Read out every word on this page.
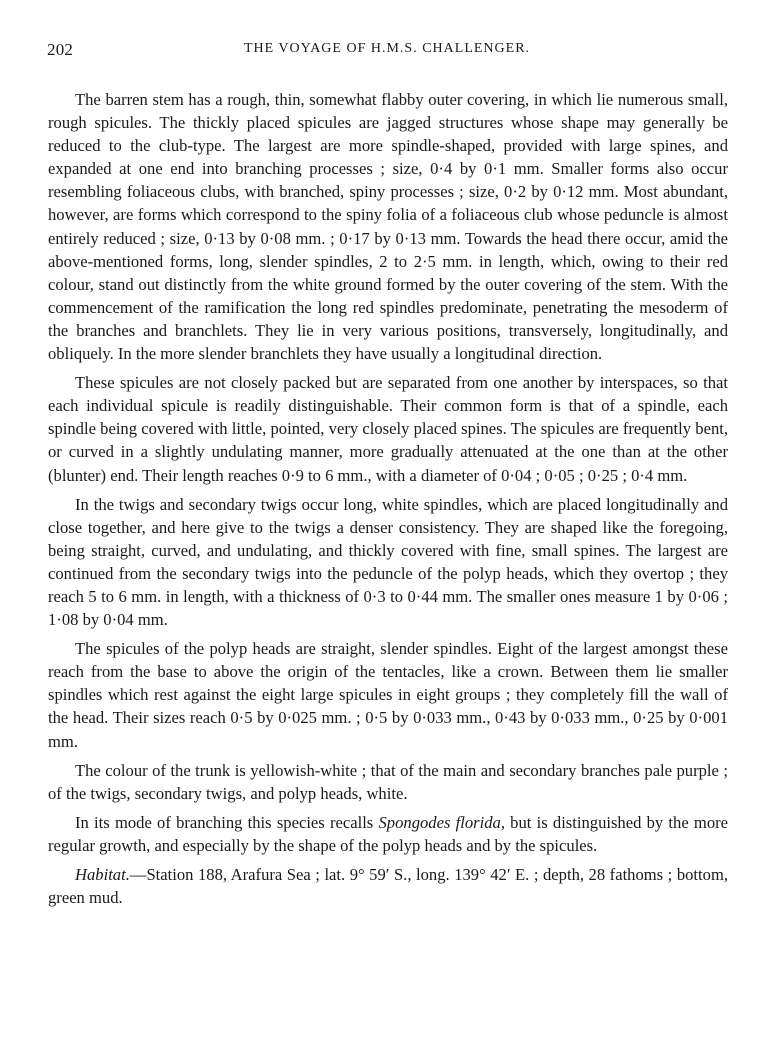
202	THE VOYAGE OF H.M.S. CHALLENGER.

The barren stem has a rough, thin, somewhat flabby outer covering, in which lie numerous small, rough spicules. The thickly placed spicules are jagged structures whose shape may generally be reduced to the club-type. The largest are more spindle-shaped, provided with large spines, and expanded at one end into branching processes ; size, 0·4 by 0·1 mm. Smaller forms also occur resembling foliaceous clubs, with branched, spiny processes ; size, 0·2 by 0·12 mm. Most abundant, however, are forms which correspond to the spiny folia of a foliaceous club whose peduncle is almost entirely reduced ; size, 0·13 by 0·08 mm. ; 0·17 by 0·13 mm. Towards the head there occur, amid the above-mentioned forms, long, slender spindles, 2 to 2·5 mm. in length, which, owing to their red colour, stand out distinctly from the white ground formed by the outer covering of the stem. With the commencement of the ramification the long red spindles predominate, penetrating the mesoderm of the branches and branchlets. They lie in very various positions, transversely, longitudinally, and obliquely. In the more slender branchlets they have usually a longitudinal direction.

These spicules are not closely packed but are separated from one another by interspaces, so that each individual spicule is readily distinguishable. Their common form is that of a spindle, each spindle being covered with little, pointed, very closely placed spines. The spicules are frequently bent, or curved in a slightly undulating manner, more gradually attenuated at the one than at the other (blunter) end. Their length reaches 0·9 to 6 mm., with a diameter of 0·04 ; 0·05 ; 0·25 ; 0·4 mm.

In the twigs and secondary twigs occur long, white spindles, which are placed longitudinally and close together, and here give to the twigs a denser consistency. They are shaped like the foregoing, being straight, curved, and undulating, and thickly covered with fine, small spines. The largest are continued from the secondary twigs into the peduncle of the polyp heads, which they overtop ; they reach 5 to 6 mm. in length, with a thickness of 0·3 to 0·44 mm. The smaller ones measure 1 by 0·06 ; 1·08 by 0·04 mm.

The spicules of the polyp heads are straight, slender spindles. Eight of the largest amongst these reach from the base to above the origin of the tentacles, like a crown. Between them lie smaller spindles which rest against the eight large spicules in eight groups ; they completely fill the wall of the head. Their sizes reach 0·5 by 0·025 mm. ; 0·5 by 0·033 mm., 0·43 by 0·033 mm., 0·25 by 0·001 mm.

The colour of the trunk is yellowish-white ; that of the main and secondary branches pale purple ; of the twigs, secondary twigs, and polyp heads, white.

In its mode of branching this species recalls Spongodes florida, but is distinguished by the more regular growth, and especially by the shape of the polyp heads and by the spicules.

Habitat.—Station 188, Arafura Sea ; lat. 9° 59′ S., long. 139° 42′ E. ; depth, 28 fathoms ; bottom, green mud.
